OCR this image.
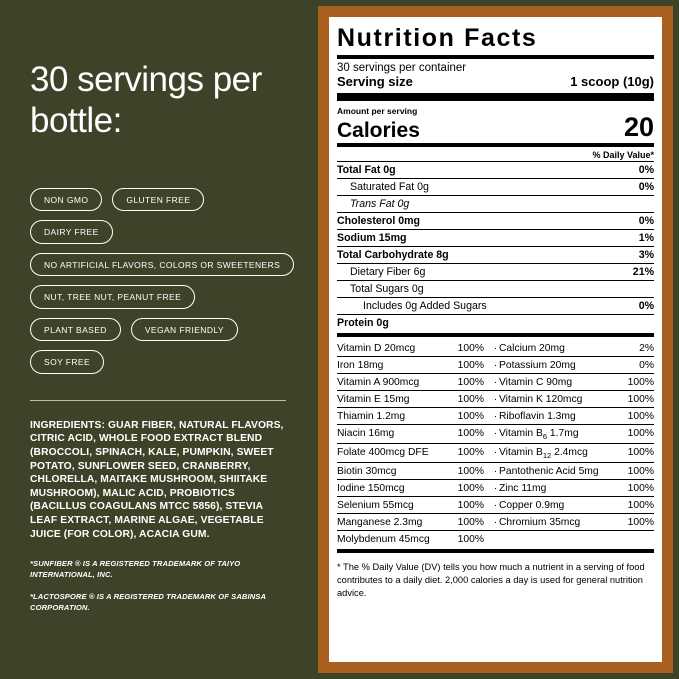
30 servings per bottle:
NON GMO	GLUTEN FREE
DAIRY FREE
NO ARTIFICIAL FLAVORS, COLORS OR SWEETENERS
NUT, TREE NUT, PEANUT FREE
PLANT BASED	VEGAN FRIENDLY
SOY FREE
INGREDIENTS: GUAR FIBER, NATURAL FLAVORS, CITRIC ACID, WHOLE FOOD EXTRACT BLEND (BROCCOLI, SPINACH, KALE, PUMPKIN, SWEET POTATO, SUNFLOWER SEED, CRANBERRY, CHLORELLA, MAITAKE MUSHROOM, SHIITAKE MUSHROOM), MALIC ACID, PROBIOTICS (BACILLUS COAGULANS MTCC 5856), STEVIA LEAF EXTRACT, MARINE ALGAE, VEGETABLE JUICE (FOR COLOR), ACACIA GUM.
*SUNFIBER ® IS A REGISTERED TRADEMARK OF TAIYO INTERNATIONAL, INC.
*LACTOSPORE ® IS A REGISTERED TRADEMARK OF SABINSA CORPORATION.
Nutrition Facts
30 servings per container
Serving size	1 scoop (10g)
Amount per serving
Calories	20
% Daily Value*
Total Fat 0g	0%
Saturated Fat 0g	0%
Trans Fat 0g
Cholesterol 0mg	0%
Sodium 15mg	1%
Total Carbohydrate 8g	3%
Dietary Fiber 6g	21%
Total Sugars 0g
Includes 0g Added Sugars	0%
Protein 0g
Vitamin D 20mcg	100% · Calcium 20mg	2%
Iron 18mg	100% · Potassium 20mg	0%
Vitamin A 900mcg	100% · Vitamin C 90mg	100%
Vitamin E 15mg	100% · Vitamin K 120mcg	100%
Thiamin 1.2mg	100% · Riboflavin 1.3mg	100%
Niacin 16mg	100% · Vitamin $B_6$ 1.7mg	100%
Folate 400mcg DFE	100% · Vitamin $B_{12}$ 2.4mcg	100%
Biotin 30mcg	100% · Pantothenic Acid 5mg	100%
Iodine 150mcg	100% · Zinc 11mg	100%
Selenium 55mcg	100% · Copper 0.9mg	100%
Manganese 2.3mg	100% · Chromium 35mcg	100%
Molybdenum 45mcg	100%
* The % Daily Value (DV) tells you how much a nutrient in a serving of food contributes to a daily diet. 2,000 calories a day is used for general nutrition advice.
